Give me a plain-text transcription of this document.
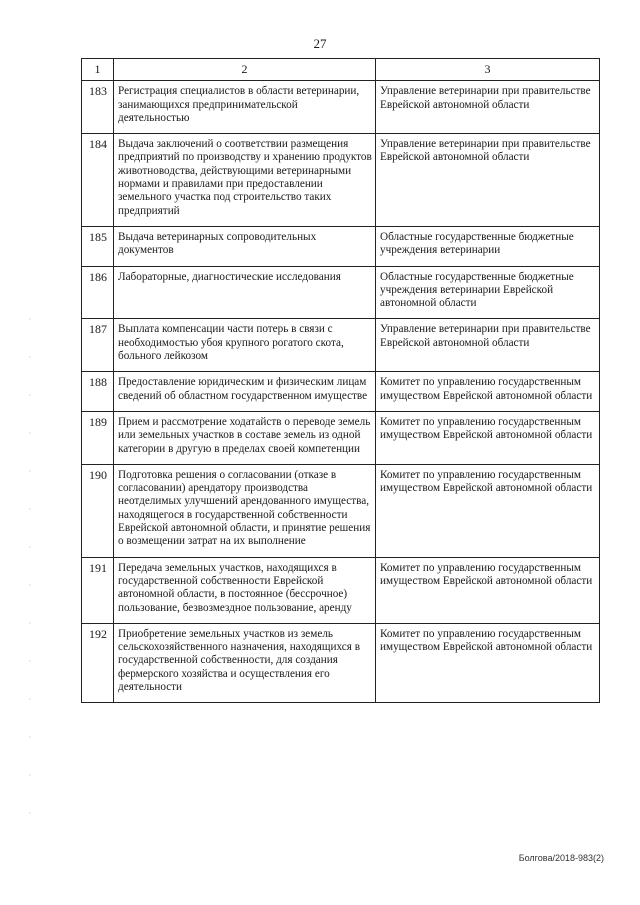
27
1	2	3
183	Регистрация специалистов в области ветеринарии, занимающихся предпринимательской деятельностью	Управление ветеринарии при правительстве Еврейской автономной области
184	Выдача заключений о соответствии размещения предприятий по производству и хранению продуктов животноводства, действующими ветеринарными нормами и правилами при предоставлении земельного участка под строительство таких предприятий	Управление ветеринарии при правительстве Еврейской автономной области
185	Выдача ветеринарных сопроводительных документов	Областные государственные бюджетные учреждения ветеринарии
186	Лабораторные, диагностические исследования	Областные государственные бюджетные учреждения ветеринарии Еврейской автономной области
187	Выплата компенсации части потерь в связи с необходимостью убоя крупного рогатого скота, больного лейкозом	Управление ветеринарии при правительстве Еврейской автономной области
188	Предоставление юридическим и физическим лицам сведений об областном государственном имуществе	Комитет по управлению государственным имуществом Еврейской автономной области
189	Прием и рассмотрение ходатайств о переводе земель или земельных участков в составе земель из одной категории в другую в пределах своей компетенции	Комитет по управлению государственным имуществом Еврейской автономной области
190	Подготовка решения о согласовании (отказе в согласовании) арендатору производства неотделимых улучшений арендованного имущества, находящегося в государственной собственности Еврейской автономной области, и принятие решения о возмещении затрат на их выполнение	Комитет по управлению государственным имуществом Еврейской автономной области
191	Передача земельных участков, находящихся в государственной собственности Еврейской автономной области, в постоянное (бессрочное) пользование, безвозмездное пользование, аренду	Комитет по управлению государственным имуществом Еврейской автономной области
192	Приобретение земельных участков из земель сельскохозяйственного назначения, находящихся в государственной собственности, для создания фермерского хозяйства и осуществления его деятельности	Комитет по управлению государственным имуществом Еврейской автономной области
Болгова/2018-983(2)
